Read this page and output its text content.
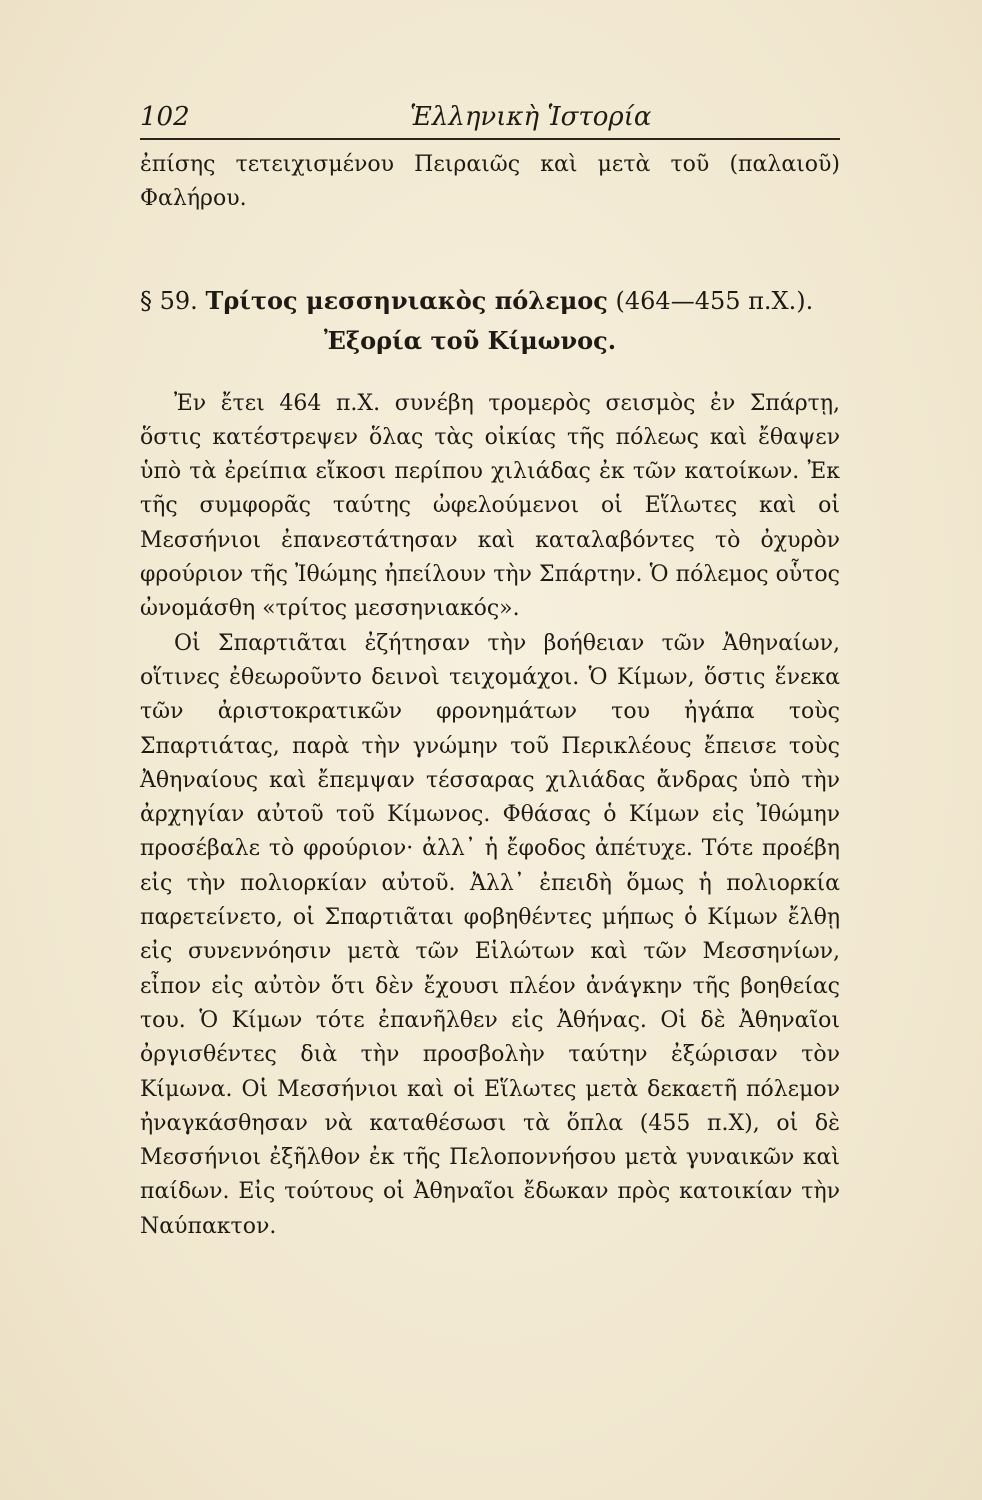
102	Ἑλληνικὴ Ἱστορία

ἐπίσης τετειχισμένου Πειραιῶς καὶ μετὰ τοῦ (παλαιοῦ) Φαλήρου.

§ 59. Τρίτος μεσσηνιακὸς πόλεμος (464—455 π.Χ.).
Ἐξορία τοῦ Κίμωνος.

Ἐν ἔτει 464 π.Χ. συνέβη τρομερὸς σεισμὸς ἐν Σπάρτῃ, ὅστις κατέστρεψεν ὅλας τὰς οἰκίας τῆς πόλεως καὶ ἔθαψεν ὑπὸ τὰ ἐρείπια εἴκοσι περίπου χιλιάδας ἐκ τῶν κατοίκων. Ἐκ τῆς συμφορᾶς ταύτης ὠφελούμενοι οἱ Εἵλωτες καὶ οἱ Μεσσήνιοι ἐπανεστάτησαν καὶ καταλαβόντες τὸ ὀχυρὸν φρούριον τῆς Ἰθώμης ἠπείλουν τὴν Σπάρτην. Ὁ πόλεμος οὗτος ὠνομάσθη «τρίτος μεσσηνιακός».

Οἱ Σπαρτιᾶται ἐζήτησαν τὴν βοήθειαν τῶν Ἀθηναίων, οἵτινες ἐθεωροῦντο δεινοὶ τειχομάχοι. Ὁ Κίμων, ὅστις ἕνεκα τῶν ἀριστοκρατικῶν φρονημάτων του ἠγάπα τοὺς Σπαρτιάτας, παρὰ τὴν γνώμην τοῦ Περικλέους ἔπεισε τοὺς Ἀθηναίους καὶ ἔπεμψαν τέσσαρας χιλιάδας ἄνδρας ὑπὸ τὴν ἀρχηγίαν αὐτοῦ τοῦ Κίμωνος. Φθάσας ὁ Κίμων εἰς Ἰθώμην προσέβαλε τὸ φρούριον· ἀλλ᾽ ἡ ἔφοδος ἀπέτυχε. Τότε προέβη εἰς τὴν πολιορκίαν αὐτοῦ. Ἀλλ᾽ ἐπειδὴ ὅμως ἡ πολιορκία παρετείνετο, οἱ Σπαρτιᾶται φοβηθέντες μήπως ὁ Κίμων ἔλθῃ εἰς συνεννόησιν μετὰ τῶν Εἱλώτων καὶ τῶν Μεσσηνίων, εἶπον εἰς αὐτὸν ὅτι δὲν ἔχουσι πλέον ἀνάγκην τῆς βοηθείας του. Ὁ Κίμων τότε ἐπανῆλθεν εἰς Ἀθήνας. Οἱ δὲ Ἀθηναῖοι ὀργισθέντες διὰ τὴν προσβολὴν ταύτην ἐξώρισαν τὸν Κίμωνα. Οἱ Μεσσήνιοι καὶ οἱ Εἵλωτες μετὰ δεκαετῆ πόλεμον ἠναγκάσθησαν νὰ καταθέσωσι τὰ ὅπλα (455 π.Χ), οἱ δὲ Μεσσήνιοι ἐξῆλθον ἐκ τῆς Πελοποννήσου μετὰ γυναικῶν καὶ παίδων. Εἰς τούτους οἱ Ἀθηναῖοι ἔδωκαν πρὸς κατοικίαν τὴν Ναύπακτον.
